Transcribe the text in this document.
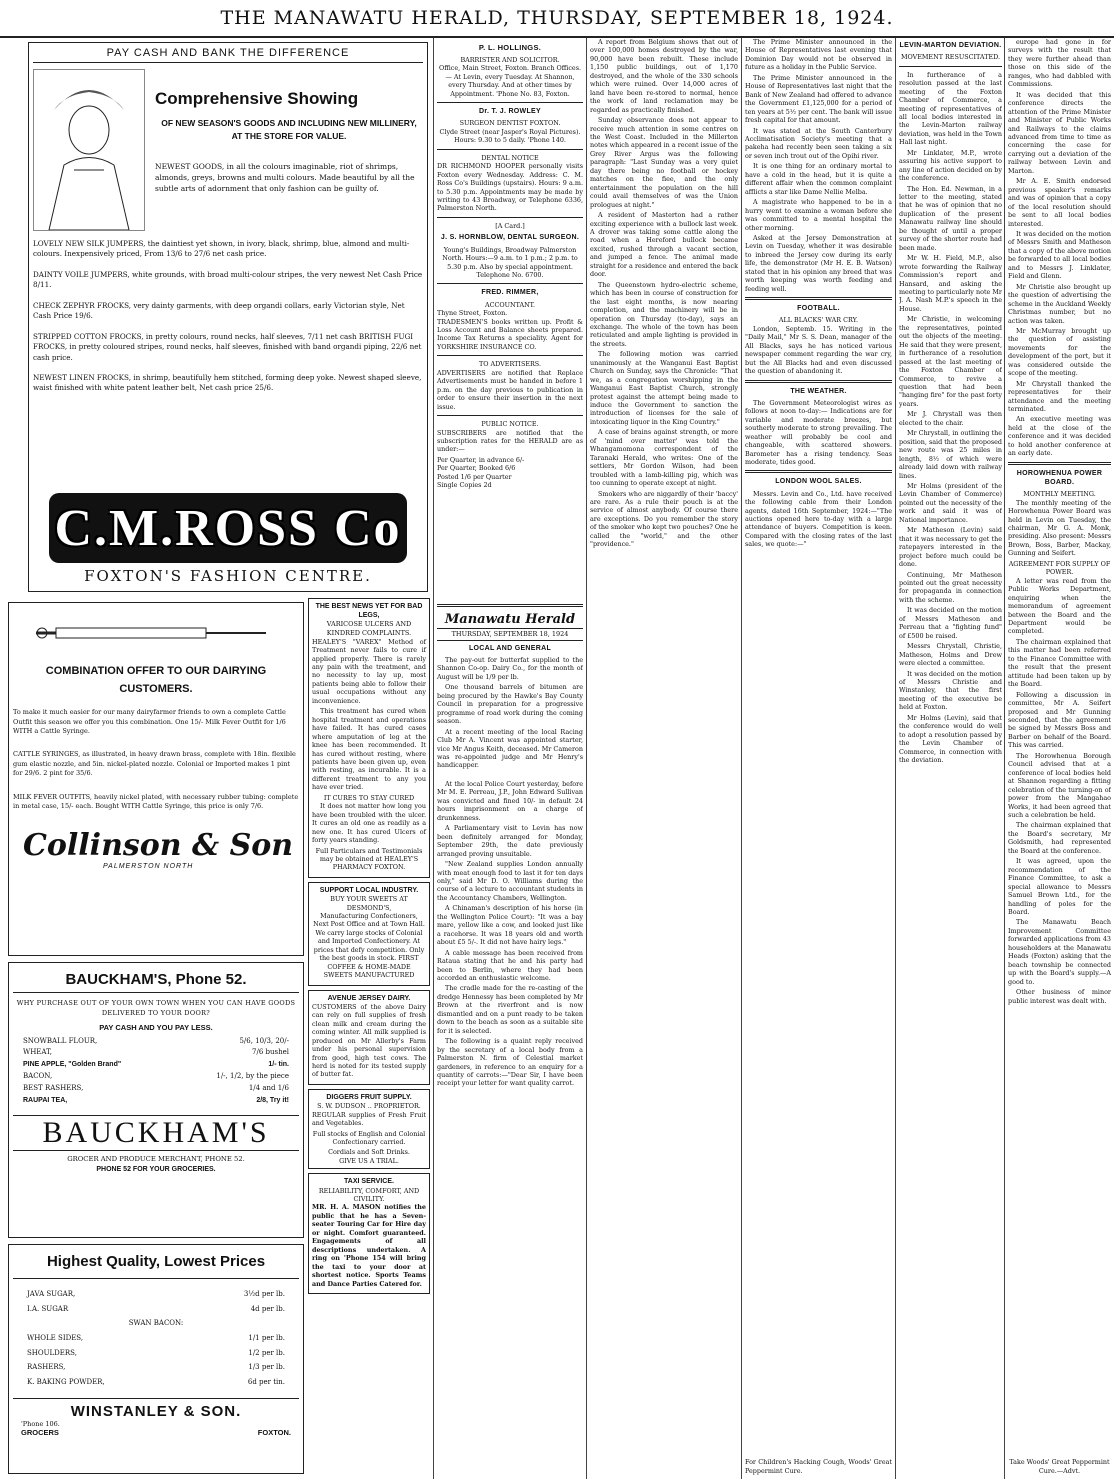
THE MANAWATU HERALD, THURSDAY, SEPTEMBER 18, 1924.
PAY CASH AND BANK THE DIFFERENCE
Comprehensive Showing
OF NEW SEASON'S GOODS AND INCLUDING NEW MILLINERY, AT THE STORE FOR VALUE.
NEWEST GOODS, in all the colours imaginable, riot of shrimps, almonds, greys, browns and multi colours. Made beautiful by all the subtle arts of adornment that only fashion can be guilty of.

LOVELY NEW SILK JUMPERS, the daintiest yet shown, in ivory, black, shrimp, blue, almond and multi-colours. Inexpensively priced, From 13/6 to 27/6 net cash price.

DAINTY VOILE JUMPERS, white grounds, with broad multi-colour stripes, the very newest Net Cash Price 8/11.

CHECK ZEPHYR FROCKS, very dainty garments, with deep organdi collars, early Victorian style, Net Cash Price 19/6.

STRIPPED COTTON FROCKS, in pretty colours, round necks, half sleeves, 7/11 net cash BRITISH FUGI FROCKS, in pretty coloured stripes, round necks, half sleeves, finished with band organdi piping, 22/6 net cash price.

NEWEST LINEN FROCKS, in shrimp, beautifully hem stitched, forming deep yoke. Newest shaped sleeve, waist finished with white patent leather belt, Net cash price 25/6.

C.M.ROSS Co
FOXTON'S FASHION CENTRE.
COMBINATION OFFER TO OUR DAIRYING CUSTOMERS.

To make it much easier for our many dairyfarmer friends to own a complete Cattle Outfit this season we offer you this combination. One 15/- Milk Fever Outfit for 1/6 WITH a Cattle Syringe.

CATTLE SYRINGES, as illustrated, in heavy drawn brass, complete with 18in. flexible gum elastic nozzle, and 5in. nickel-plated nozzle. Colonial or Imported makes 1 pint for 29/6. 2 pint for 35/6.

MILK FEVER OUTFITS, heavily nickel plated, with necessary rubber tubing: complete in metal case, 15/- each. Bought WITH Cattle Syringe, this price is only 7/6.

Collinson & Son
PALMERSTON NORTH
BAUCKHAM'S, Phone 52.
WHY PURCHASE OUT OF YOUR OWN TOWN WHEN YOU CAN HAVE GOODS DELIVERED TO YOUR DOOR?
PAY CASH AND YOU PAY LESS.
SNOWBALL FLOUR,	5/6, 10/3, 20/-
WHEAT,	7/6 bushel
PINE APPLE, "Golden Brand"	1/- tin.
BACON,	1/-, 1/2, by the piece
BEST RASHERS,	1/4 and 1/6
RAUPAI TEA,	2/8, Try it!
BAUCKHAM'S
GROCER AND PRODUCE MERCHANT, PHONE 52.
PHONE 52 FOR YOUR GROCERIES.
Highest Quality, Lowest Prices
JAVA SUGAR,	3½d per lb.
I.A. SUGAR	4d per lb.
SWAN BACON:
WHOLE SIDES,	1/1 per lb.
SHOULDERS,	1/2 per lb.
RASHERS,	1/3 per lb.
K. BAKING POWDER,	6d per tin.
WINSTANLEY & SON.
'Phone 106.
GROCERS	FOXTON.
P. L. HOLLINGS.
BARRISTER AND SOLICITOR.

Office, Main Street, Foxton. Branch Offices.— At Levin, every Tuesday. At Shannon, every Thursday. And at other times by Appointment. 'Phone No. 83, Foxton.

Dr. T. J. ROWLEY
SURGEON DENTIST FOXTON.

Clyde Street (near Jasper's Royal Pictures). Hours: 9.30 to 5 daily. 'Phone 140.

DENTAL NOTICE

DR RICHMOND HOOPER personally visits Foxton every Wednesday. Address: C. M. Ross Co's Buildings (upstairs). Hours: 9 a.m. to 5.30 p.m. Appointments may be made by writing to 43 Broadway, or Telephone 6336, Palmerston North.

[A Card.]
J. S. HORNBLOW, DENTAL SURGEON.

Young's Buildings, Broadway Palmerston North. Hours:—9 a.m. to 1 p.m.; 2 p.m. to 5.30 p.m. Also by special appointment. Telephone No. 6700.

FRED. RIMMER,
ACCOUNTANT.
Thyne Street, Foxton.

TRADESMEN'S books written up. Profit & Loss Account and Balance sheets prepared. Income Tax Returns a speciality. Agent for YORKSHIRE INSURANCE CO.

TO ADVERTISERS.

ADVERTISERS are notified that Replace Advertisements must be handed in before 1 p.m. on the day previous to publication in order to ensure their insertion in the next issue.

PUBLIC NOTICE.

SUBSCRIBERS are notified that the subscription rates for the HERALD are as under:—

Per Quarter, in advance 6/-
Per Quarter, Booked 6/6
Posted 1/6 per Quarter
Single Copies 2d
Manawatu Herald
THURSDAY, SEPTEMBER 18, 1924
LOCAL AND GENERAL

The pay-out for butterfat supplied to the Shannon Co-op. Dairy Co., for the month of August will be 1/9 per lb.

One thousand barrels of bitumen are being procured by the Hawke's Bay County Council in preparation for a progressive programme of road work during the coming season.

At a recent meeting of the local Racing Club Mr A. Vincent was appointed starter, vice Mr Angus Keith, deceased. Mr Cameron was re-appointed judge and Mr Henry's handicapper.

THE BEST NEWS YET FOR BAD LEGS,
VARICOSE ULCERS AND KINDRED COMPLAINTS.

HEALEY'S "VAREX" Method of Treatment never fails to cure if applied properly. There is rarely any pain with the treatment, and no necessity to lay up, most patients being able to follow their usual occupations without any inconvenience.

This treatment has cured when hospital treatment and operations have failed. It has cured cases where amputation of leg at the knee has been recommended. It has cured without resting, where patients have been given up, even with resting, as incurable. It is a different treatment to any you have ever tried.

IT CURES TO STAY CURED

It does not matter how long you have been troubled with the ulcer. It cures an old one as readily as a new one. It has cured Ulcers of forty years standing.

Full Particulars and Testimonials may be obtained at HEALEY'S PHARMACY FOXTON.

SUPPORT LOCAL INDUSTRY.
BUY YOUR SWEETS AT DESMOND'S,

Manufacturing Confectioners, Next Post Office and at Town Hall. We carry large stocks of Colonial and Imported Confectionery. At prices that defy competition. Only the best goods in stock. FIRST COFFEE & HOME-MADE SWEETS MANUFACTURED

AVENUE JERSEY DAIRY.

CUSTOMERS of the above Dairy can rely on full supplies of fresh clean milk and cream during the coming winter. All milk supplied is produced on Mr Allerby's Farm under his personal supervision from good, high test cows. The herd is noted for its tested supply of butter fat.

DIGGERS FRUIT SUPPLY.
S. W. DUDSON .. PROPRIETOR.

REGULAR supplies of Fresh Fruit and Vegetables.

Full stocks of English and Colonial Confectionary carried.

Cordials and Soft Drinks.
GIVE US A TRIAL.
TAXI SERVICE.
RELIABILITY, COMFORT, AND CIVILITY.

MR. H. A. MASON notifies the public that he has a Seven-seater Touring Car for Hire day or night. Comfort guaranteed. Engagements of all descriptions undertaken. A ring on 'Phone 154 will bring the taxi to your door at shortest notice. Sports Teams and Dance Parties Catered for.

At the local Police Court yesterday, before Mr M. E. Perreau, J.P., John Edward Sullivan was convicted and fined 10/- in default 24 hours imprisonment on a charge of drunkenness.

A Parliamentary visit to Levin has now been definitely arranged for Monday, September 29th, the date previously arranged proving unsuitable.

"New Zealand supplies London annually with meat enough food to last it for ten days only," said Mr D. O. Williams during the course of a lecture to accountant students in the Accountancy Chambers, Wellington.

A Chinaman's description of his horse (in the Wellington Police Court): "It was a bay mare, yellow like a cow, and looked just like a racehorse. It was 18 years old and worth about £5 5/-. It did not have hairy legs."

A cable message has been received from Rataua stating that he and his party had been to Berlin, where they had been accorded an enthusiastic welcome.

The cradle made for the re-casting of the dredge Hennessy has been completed by Mr Brown at the riverfront and is now dismantled and on a punt ready to be taken down to the beach as soon as a suitable site for it is selected.

The following is a quaint reply received by the secretary of a local body from a Palmerston N. firm of Celestial market gardeners, in reference to an enquiry for a quantity of carrots:—"Dear Sir, I have been receipt your letter for want quality carrot.

A report from Belgium shows that out of over 100,000 homes destroyed by the war, 90,000 have been rebuilt. These include 1,150 public buildings, out of 1,170 destroyed, and the whole of the 330 schools which were ruined. Over 14,000 acres of land have been re-stored to normal, hence the work of land reclamation may be regarded as practically finished.

Sunday observance does not appear to receive much attention in some centres on the West Coast. Included in the Millerton notes which appeared in a recent issue of the Grey River Argus was the following paragraph: "Last Sunday was a very quiet day there being no football or hockey matches on the fiee, and the only entertainment the population on the hill could avail themselves of was the Union prologues at night."

A resident of Masterton had a rather exciting experience with a bullock last week. A drover was taking some cattle along the road when a Hereford bullock became excited, rushed through a vacant section, and jumped a fence. The animal made straight for a residence and entered the back door.

The Queenstown hydro-electric scheme, which has been in course of construction for the last eight months, is now nearing completion, and the machinery will be in operation on Thursday (to-day), says an exchange. The whole of the town has been reticulated and ample lighting is provided in the streets.

The following motion was carried unanimously at the Wanganui East Baptist Church on Sunday, says the Chronicle: "That we, as a congregation worshipping in the Wanganui East Baptist Church, strongly protest against the attempt being made to induce the Government to sanction the introduction of licenses for the sale of intoxicating liquor in the King Country."

A case of brains against strength, or more of 'mind over matter' was told the Whangamomona correspondent of the Taranaki Herald, who writes: One of the settlers, Mr Gordon Wilson, had been troubled with a lamb-killing pig, which was too cunning to operate except at night.

Smokers who are niggardly of their 'baccy' are rare. As a rule their pouch is at the service of almost anybody. Of course there are exceptions. Do you remember the story of the smoker who kept two pouches? One he called the "world," and the other "providence."

The Prime Minister announced in the House of Representatives last evening that Dominion Day would not be observed in future as a holiday in the Public Service.

The Prime Minister announced in the House of Representatives last night that the Bank of New Zealand had offered to advance the Government £1,125,000 for a period of ten years at 5½ per cent. The bank will issue fresh capital for that amount.

It was stated at the South Canterbury Acclimatisation Society's meeting that a pakeha had recently been seen taking a six or seven inch trout out of the Opihi river.

It is one thing for an ordinary mortal to have a cold in the head, but it is quite a different affair when the common complaint afflicts a star like Dame Nellie Melba.

A magistrate who happened to be in a hurry went to examine a woman before she was committed to a mental hospital the other morning.

Asked at the Jersey Demonstration at Levin on Tuesday, whether it was desirable to inbreed the Jersey cow during its early life, the demonstrator (Mr H. E. B. Watson) stated that in his opinion any breed that was worth keeping was worth feeding and feeding well.

FOOTBALL.
ALL BLACKS' WAR CRY.

London, Septemb. 15. Writing in the "Daily Mail," Mr S. S. Dean, manager of the All Blacks, says he has noticed various newspaper comment regarding the war cry, but the All Blacks had and even discussed the question of abandoning it.

THE WEATHER.

The Government Meteorologist wires as follows at noon to-day:— Indications are for variable and moderate breezes, but southerly moderate to strong prevailing. The weather will probably be cool and changeable, with scattered showers. Barometer has a rising tendency. Seas moderate, tides good.

LONDON WOOL SALES.

Messrs. Levin and Co., Ltd. have received the following cable from their London agents, dated 16th September, 1924:—"The auctions opened here to-day with a large attendance of buyers. Competition is keen. Compared with the closing rates of the last sales, we quote:—"

For Children's Hacking Cough, Woods' Great Peppermint Cure.
LEVIN-MARTON DEVIATION.
MOVEMENT RESUSCITATED.

In furtherance of a resolution passed at the last meeting of the Foxton Chamber of Commerce, a meeting of representatives of all local bodies interested in the Levin-Marton railway deviation, was held in the Town Hall last night.

Mr Linklater, M.P., wrote assuring his active support to any line of action decided on by the conference.

The Hon. Ed. Newman, in a letter to the meeting, stated that he was of opinion that no duplication of the present Manawatu railway line should be thought of until a proper survey of the shorter route had been made.

Mr W. H. Field, M.P., also wrote forwarding the Railway Commission's report and Hansard, and asking the meeting to particularly note Mr J. A. Nash M.P.'s speech in the House.

Mr Christie, in welcoming the representatives, pointed out the objects of the meeting. He said that they were present, in furtherance of a resolution passed at the last meeting of the Foxton Chamber of Commerce, to revive a question that had been "hanging fire" for the past forty years.

Mr J. Chrystall was then elected to the chair.

Mr Chrystall, in outlining the position, said that the proposed new route was 25 miles in length, 8½ of which were already laid down with railway lines.

Mr Holms (president of the Levin Chamber of Commerce) pointed out the necessity of the work and said it was of National importance.

Mr Matheson (Levin) said that it was necessary to get the ratepayers interested in the project before much could be done.

Continuing, Mr Matheson pointed out the great necessity for propaganda in connection with the scheme.

It was decided on the motion of Messrs Matheson and Perreau that a "fighting fund" of £500 be raised.

Messrs Chrystall, Christie, Matheson, Holms and Drew were elected a committee.

It was decided on the motion of Messrs Christie and Winstanley, that the first meeting of the executive be held at Foxton.

Mr Holms (Levin), said that the conference would do well to adopt a resolution passed by the Levin Chamber of Commerce, in connection with the deviation.

europe had gone in for surveys with the result that they were further ahead than those on this side of the ranges, who had dabbled with Commissions.

It was decided that this conference directs the attention of the Prime Minister and Minister of Public Works and Railways to the claims advanced from time to time as concerning the case for carrying out a deviation of the railway between Levin and Marton.

Mr A. E. Smith endorsed previous speaker's remarks and was of opinion that a copy of the local resolution should be sent to all local bodies interested.

It was decided on the motion of Messrs Smith and Matheson that a copy of the above motion be forwarded to all local bodies and to Messrs J. Linklater, Field and Glenn.

Mr Christie also brought up the question of advertising the scheme in the Auckland Weekly Christmas number, but no action was taken.

Mr McMurray brought up the question of assisting movements for the development of the port, but it was considered outside the scope of the meeting.

Mr Chrystall thanked the representatives for their attendance and the meeting terminated.

An executive meeting was held at the close of the conference and it was decided to hold another conference at an early date.

HOROWHENUA POWER BOARD.
MONTHLY MEETING.

The monthly meeting of the Horowhenua Power Board was held in Levin on Tuesday, the chairman, Mr G. A. Monk, presiding. Also present: Messrs Brown, Boss, Barber, Mackay, Gunning and Seifert.

AGREEMENT FOR SUPPLY OF POWER.

A letter was read from the Public Works Department, enquiring when the memorandum of agreement between the Board and the Department would be completed.

The chairman explained that this matter had been referred to the Finance Committee with the result that the present attitude had been taken up by the Board.

Following a discussion in committee, Mr A. Seifert proposed and Mr Gunning seconded, that the agreement be signed by Messrs Boss and Barber on behalf of the Board. This was carried.

The Horowhenua Borough Council advised that at a conference of local bodies held at Shannon regarding a fitting celebration of the turning-on of power from the Mangahao Works, it had been agreed that such a celebration be held.

The chairman explained that the Board's secretary, Mr Goldsmith, had represented the Board at the conference.

It was agreed, upon the recommendation of the Finance Committee, to ask a special allowance to Messrs Samuel Brown Ltd., for the handling of poles for the Board.

The Manawatu Beach Improvement Committee forwarded applications from 43 householders at the Manawatu Heads (Foxton) asking that the beach township be connected up with the Board's supply.—A good to.

Other business of minor public interest was dealt with.

Take Woods' Great Peppermint Cure.—Advt.
